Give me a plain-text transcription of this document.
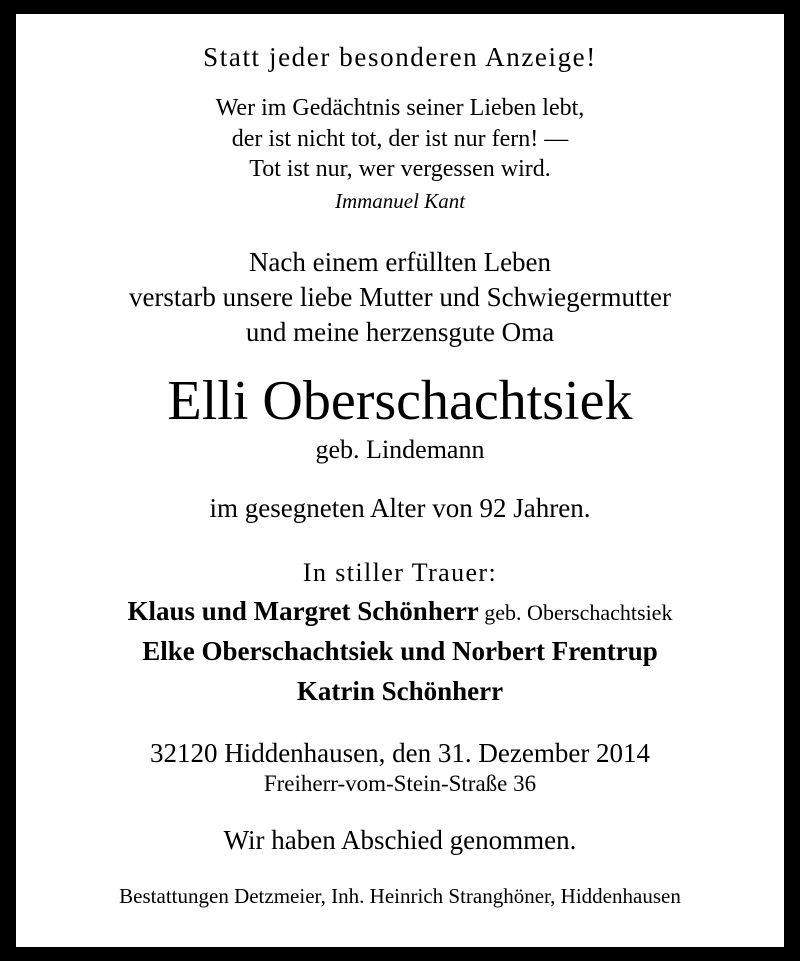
Statt jeder besonderen Anzeige!
Wer im Gedächtnis seiner Lieben lebt,
der ist nicht tot, der ist nur fern! —
Tot ist nur, wer vergessen wird.
Immanuel Kant
Nach einem erfüllten Leben
verstarb unsere liebe Mutter und Schwiegermutter
und meine herzensgute Oma
Elli Oberschachtsiek
geb. Lindemann
im gesegneten Alter von 92 Jahren.
In stiller Trauer:
Klaus und Margret Schönherr geb. Oberschachtsiek
Elke Oberschachtsiek und Norbert Frentrup
Katrin Schönherr
32120 Hiddenhausen, den 31. Dezember 2014
Freiherr-vom-Stein-Straße 36
Wir haben Abschied genommen.
Bestattungen Detzmeier, Inh. Heinrich Stranghöner, Hiddenhausen
